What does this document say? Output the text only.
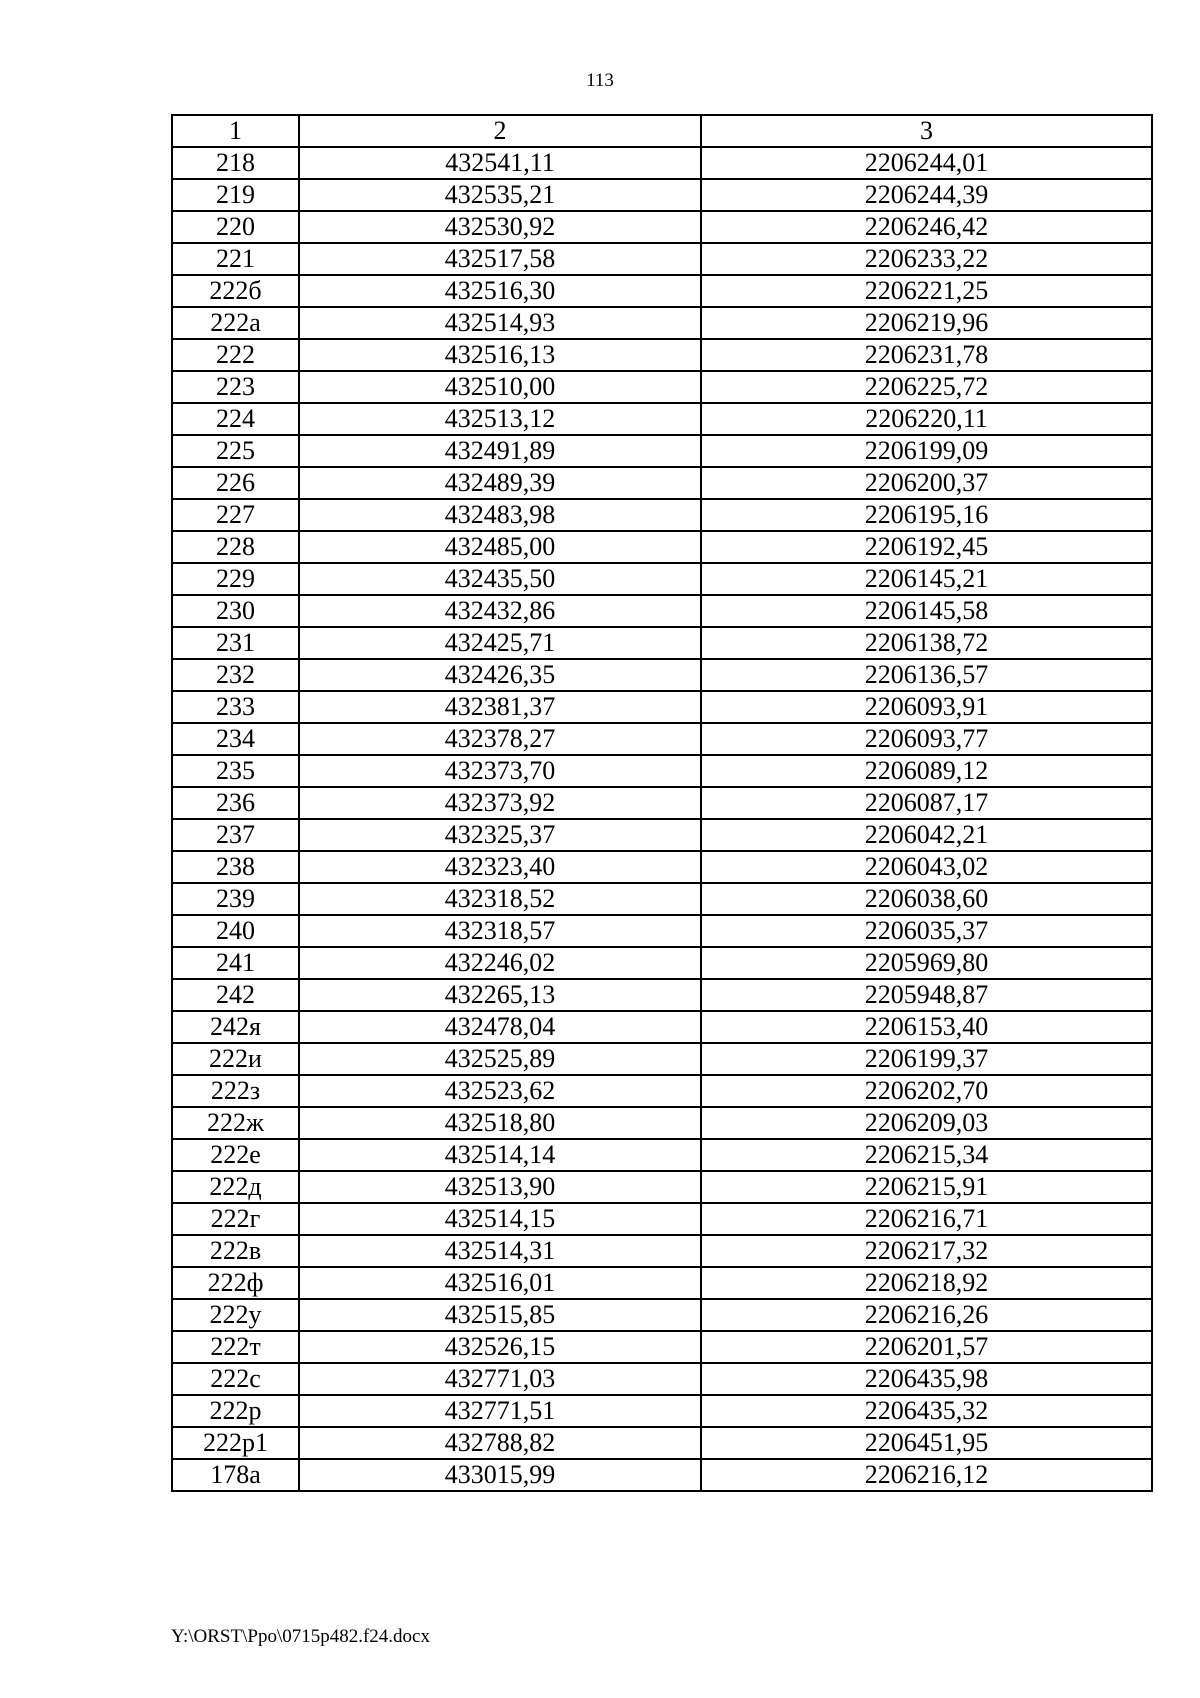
113
1	2	3
218	432541,11	2206244,01
219	432535,21	2206244,39
220	432530,92	2206246,42
221	432517,58	2206233,22
222б	432516,30	2206221,25
222а	432514,93	2206219,96
222	432516,13	2206231,78
223	432510,00	2206225,72
224	432513,12	2206220,11
225	432491,89	2206199,09
226	432489,39	2206200,37
227	432483,98	2206195,16
228	432485,00	2206192,45
229	432435,50	2206145,21
230	432432,86	2206145,58
231	432425,71	2206138,72
232	432426,35	2206136,57
233	432381,37	2206093,91
234	432378,27	2206093,77
235	432373,70	2206089,12
236	432373,92	2206087,17
237	432325,37	2206042,21
238	432323,40	2206043,02
239	432318,52	2206038,60
240	432318,57	2206035,37
241	432246,02	2205969,80
242	432265,13	2205948,87
242я	432478,04	2206153,40
222и	432525,89	2206199,37
222з	432523,62	2206202,70
222ж	432518,80	2206209,03
222е	432514,14	2206215,34
222д	432513,90	2206215,91
222г	432514,15	2206216,71
222в	432514,31	2206217,32
222ф	432516,01	2206218,92
222у	432515,85	2206216,26
222т	432526,15	2206201,57
222с	432771,03	2206435,98
222р	432771,51	2206435,32
222р1	432788,82	2206451,95
178а	433015,99	2206216,12
Y:\ORST\Ppo\0715p482.f24.docx
